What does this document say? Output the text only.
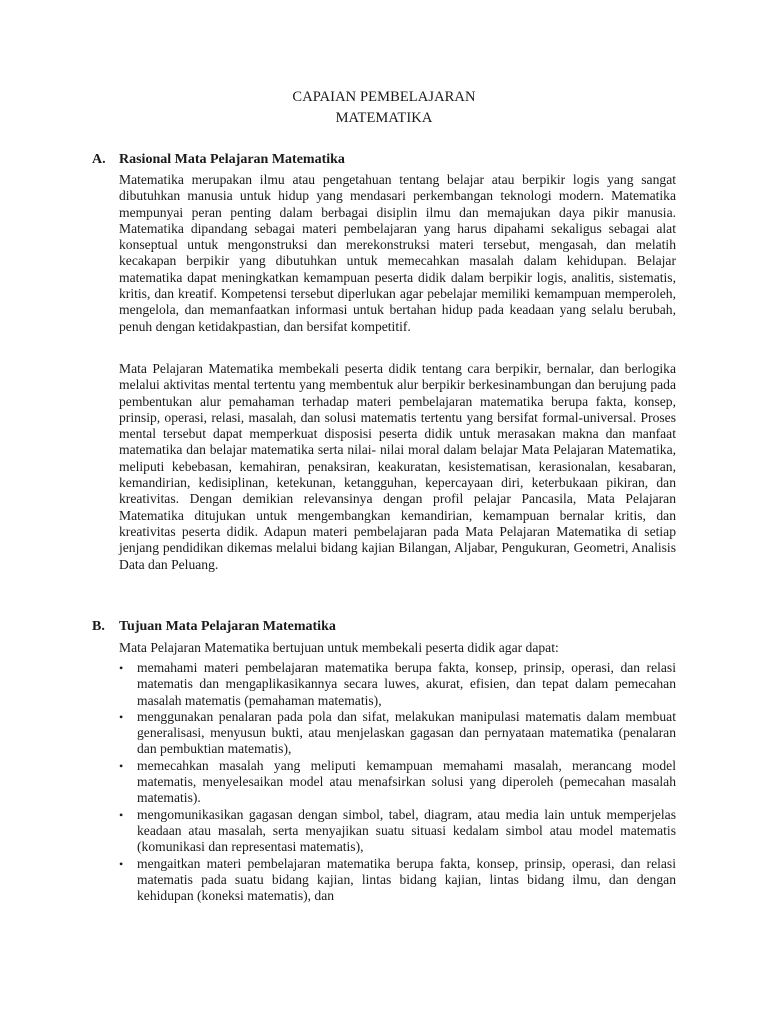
CAPAIAN PEMBELAJARAN
MATEMATIKA
A. Rasional Mata Pelajaran Matematika

Matematika merupakan ilmu atau pengetahuan tentang belajar atau berpikir logis yang sangat dibutuhkan manusia untuk hidup yang mendasari perkembangan teknologi modern. Matematika mempunyai peran penting dalam berbagai disiplin ilmu dan memajukan daya pikir manusia. Matematika dipandang sebagai materi pembelajaran yang harus dipahami sekaligus sebagai alat konseptual untuk mengonstruksi dan merekonstruksi materi tersebut, mengasah, dan melatih kecakapan berpikir yang dibutuhkan untuk memecahkan masalah dalam kehidupan. Belajar matematika dapat meningkatkan kemampuan peserta didik dalam berpikir logis, analitis, sistematis, kritis, dan kreatif. Kompetensi tersebut diperlukan agar pebelajar memiliki kemampuan memperoleh, mengelola, dan memanfaatkan informasi untuk bertahan hidup pada keadaan yang selalu berubah, penuh dengan ketidakpastian, dan bersifat kompetitif.

Mata Pelajaran Matematika membekali peserta didik tentang cara berpikir, bernalar, dan berlogika melalui aktivitas mental tertentu yang membentuk alur berpikir berkesinambungan dan berujung pada pembentukan alur pemahaman terhadap materi pembelajaran matematika berupa fakta, konsep, prinsip, operasi, relasi, masalah, dan solusi matematis tertentu yang bersifat formal-universal. Proses mental tersebut dapat memperkuat disposisi peserta didik untuk merasakan makna dan manfaat matematika dan belajar matematika serta nilai- nilai moral dalam belajar Mata Pelajaran Matematika, meliputi kebebasan, kemahiran, penaksiran, keakuratan, kesistematisan, kerasionalan, kesabaran, kemandirian, kedisiplinan, ketekunan, ketangguhan, kepercayaan diri, keterbukaan pikiran, dan kreativitas. Dengan demikian relevansinya dengan profil pelajar Pancasila, Mata Pelajaran Matematika ditujukan untuk mengembangkan kemandirian, kemampuan bernalar kritis, dan kreativitas peserta didik. Adapun materi pembelajaran pada Mata Pelajaran Matematika di setiap jenjang pendidikan dikemas melalui bidang kajian Bilangan, Aljabar, Pengukuran, Geometri, Analisis Data dan Peluang.

B. Tujuan Mata Pelajaran Matematika

Mata Pelajaran Matematika bertujuan untuk membekali peserta didik agar dapat:

•	memahami materi pembelajaran matematika berupa fakta, konsep, prinsip, operasi, dan relasi matematis dan mengaplikasikannya secara luwes, akurat, efisien, dan tepat dalam pemecahan masalah matematis (pemahaman matematis),
•	menggunakan penalaran pada pola dan sifat, melakukan manipulasi matematis dalam membuat generalisasi, menyusun bukti, atau menjelaskan gagasan dan pernyataan matematika (penalaran dan pembuktian matematis),
•	memecahkan masalah yang meliputi kemampuan memahami masalah, merancang model matematis, menyelesaikan model atau menafsirkan solusi yang diperoleh (pemecahan masalah matematis).
•	mengomunikasikan gagasan dengan simbol, tabel, diagram, atau media lain untuk memperjelas keadaan atau masalah, serta menyajikan suatu situasi kedalam simbol atau model matematis (komunikasi dan representasi matematis),
•	mengaitkan materi pembelajaran matematika berupa fakta, konsep, prinsip, operasi, dan relasi matematis pada suatu bidang kajian, lintas bidang kajian, lintas bidang ilmu, dan dengan kehidupan (koneksi matematis), dan
